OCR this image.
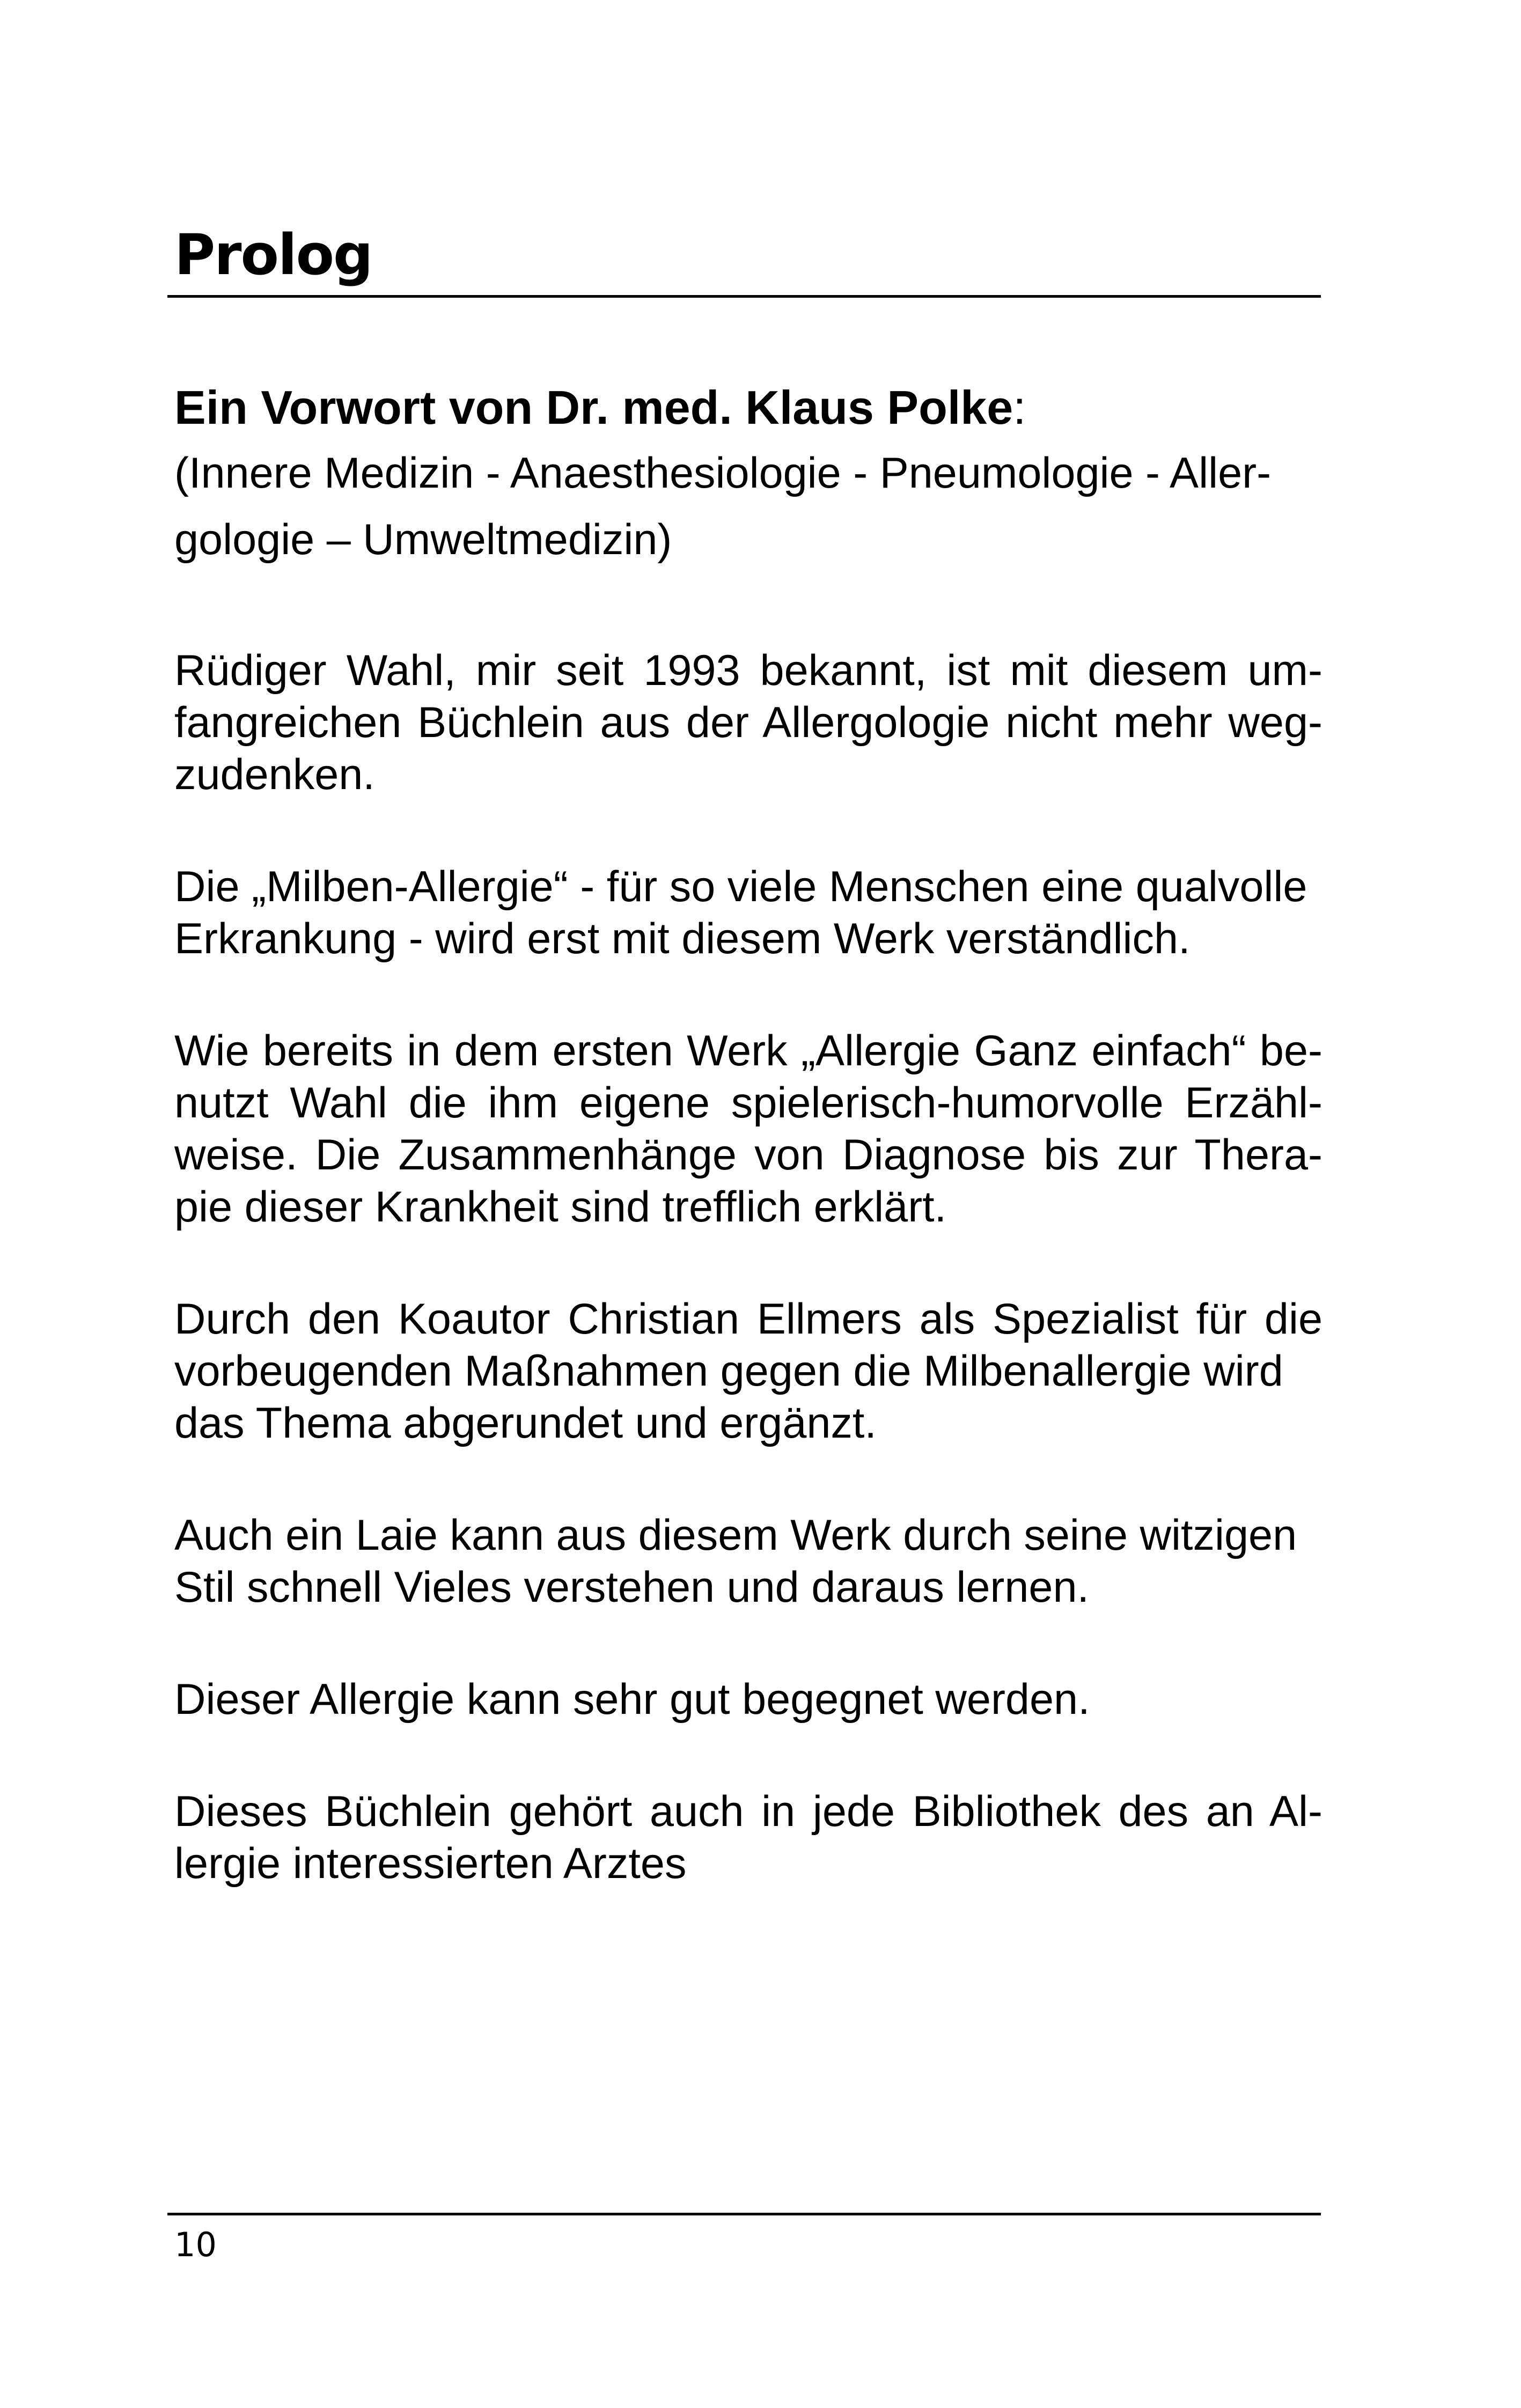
Prolog
Ein Vorwort von Dr. med. Klaus Polke:

(Innere Medizin - Anaesthesiologie - Pneumologie - Aller-
gologie – Umweltmedizin)

Rüdiger Wahl, mir seit 1993 bekannt, ist mit diesem um-
fangreichen Büchlein aus der Allergologie nicht mehr weg-
zudenken.

Die „Milben-Allergie“ - für so viele Menschen eine qualvolle
Erkrankung - wird erst mit diesem Werk verständlich.

Wie bereits in dem ersten Werk „Allergie Ganz einfach“ be-
nutzt Wahl die ihm eigene spielerisch-humorvolle Erzähl-
weise. Die Zusammenhänge von Diagnose bis zur Thera-
pie dieser Krankheit sind trefflich erklärt.

Durch den Koautor Christian Ellmers als Spezialist für die
vorbeugenden Maßnahmen gegen die Milbenallergie wird
das Thema abgerundet und ergänzt.

Auch ein Laie kann aus diesem Werk durch seine witzigen
Stil schnell Vieles verstehen und daraus lernen.

Dieser Allergie kann sehr gut begegnet werden.

Dieses Büchlein gehört auch in jede Bibliothek des an Al-
lergie interessierten Arztes

10
